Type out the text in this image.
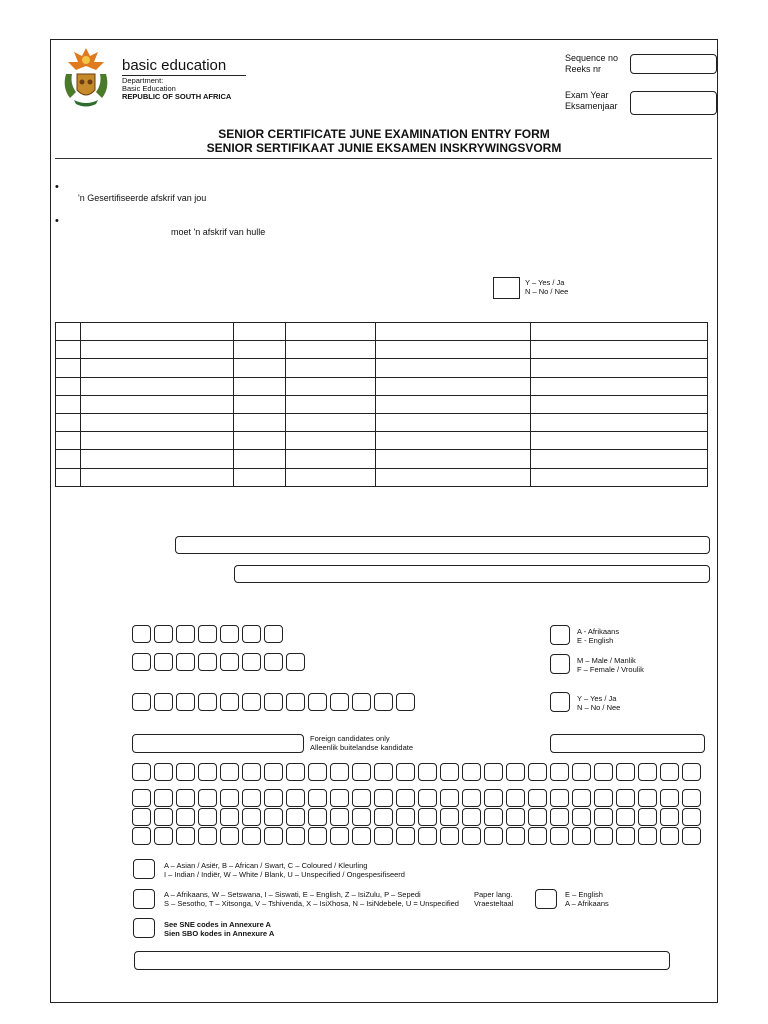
basic education
Department:
Basic Education
REPUBLIC OF SOUTH AFRICA
Sequence no
Reeks nr
Exam Year
Eksamenjaar
SENIOR CERTIFICATE JUNE EXAMINATION ENTRY FORM
SENIOR SERTIFIKAAT JUNIE EKSAMEN INSKRYWINGSVORM
•
'n Gesertifiseerde afskrif van jou
•
moet 'n afskrif van hulle
Y – Yes / Ja
N – No / Nee

A - Afrikaans
E - English
M – Male / Manlik
F – Female / Vroulik
Y – Yes / Ja
N – No / Nee
Foreign candidates only
Alleenlik buitelandse kandidate
A – Asian / Asiër, B – African / Swart, C – Coloured / Kleurling
I – Indian / Indiër, W – White / Blank, U – Unspecified / Ongespesifiseerd
A – Afrikaans, W – Setswana, I – Siswati, E – English, Z – IsiZulu, P – Sepedi
S – Sesotho, T – Xitsonga, V – Tshivenda, X – IsiXhosa, N – IsiNdebele, U = Unspecified
Paper lang.
Vraesteltaal
E – English
A – Afrikaans
See SNE codes in Annexure A
Sien SBO kodes in Annexure A
